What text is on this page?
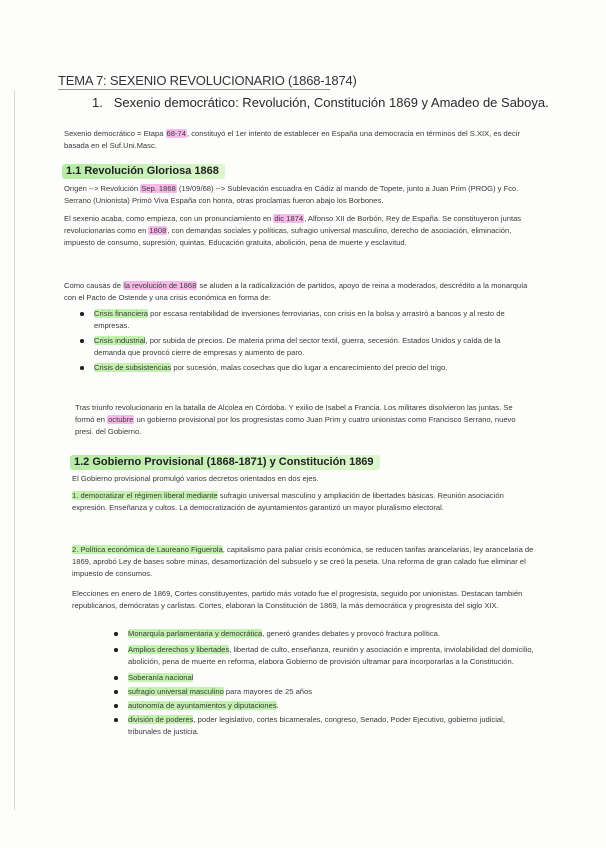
TEMA 7: SEXENIO REVOLUCIONARIO (1868-1874)
1. Sexenio democrático: Revolución, Constitución 1869 y Amadeo de Saboya.
Sexenio democrático = Etapa 68-74, constituyó el 1er intento de establecer en España una democracia en términos del S.XIX, es decir basada en el Suf.Uni.Masc.
1.1 Revolución Gloriosa 1868
Origen --> Revolución Sep. 1868 (19/09/68) --> Sublevación escuadra en Cádiz al mando de Topete, junto a Juan Prim (PROG) y Fco. Serrano (Unionista) Primó Viva España con honra, otras proclamas fueron abajo los Borbones.
El sexenio acaba, como empieza, con un pronunciamiento en dic 1874, Alfonso XII de Borbón, Rey de España. Se constituyeron juntas revolucionarias como en 1808, con demandas sociales y políticas, sufragio universal masculino, derecho de asociación, eliminación, impuesto de consumo, supresión, quintas. Educación gratuita, abolición, pena de muerte y esclavitud.
Como causas de la revolución de 1868 se aluden a la radicalización de partidos, apoyo de reina a moderados, descrédito a la monarquía con el Pacto de Ostende y una crisis económica en forma de:
Crisis financiera por escasa rentabilidad de inversiones ferroviarias, con crisis en la bolsa y arrastró a bancos y al resto de empresas.
Crisis industrial, por subida de precios. De materia prima del sector textil, guerra, secesión. Estados Unidos y caída de la demanda que provocó cierre de empresas y aumento de paro.
Crisis de subsistencias por sucesión, malas cosechas que dio lugar a encarecimiento del precio del trigo.
Tras triunfo revolucionario en la batalla de Alcolea en Córdoba. Y exilio de Isabel a Francia. Los militares disolvieron las juntas. Se formó en octubre un gobierno provisional por los progresistas como Juan Prim y cuatro unionistas como Francisco Serrano, nuevo presi. del Gobierno.
1.2 Gobierno Provisional (1868-1871) y Constitución 1869
El Gobierno provisional promulgó varios decretos orientados en dos ejes.
1. democratizar el régimen liberal mediante sufragio universal masculino y ampliación de libertades básicas. Reunión asociación expresión. Enseñanza y cultos. La democratización de ayuntamientos garantizó un mayor pluralismo electoral.
2. Política económica de Laureano Figuerola, capitalismo para paliar crisis económica, se reducen tarifas arancelarias, ley arancelaria de 1869, aprobó Ley de bases sobre minas, desamortización del subsuelo y se creó la peseta. Una reforma de gran calado fue eliminar el impuesto de consumos.
Elecciones en enero de 1869, Cortes constituyentes, partido más votado fue el progresista, seguido por unionistas. Destacan también republicanos, demócratas y carlistas. Cortes, elaboran la Constitución de 1869, la más democrática y progresista del siglo XIX.
Monarquía parlamentaria y democrática, generó grandes debates y provocó fractura política.
Amplios derechos y libertades, libertad de culto, enseñanza, reunión y asociación e imprenta, inviolabilidad del domicilio, abolición, pena de muerte en reforma, elabora Gobierno de provisión ultramar para incorporarlas a la Constitución.
Soberanía nacional
sufragio universal masculino para mayores de 25 años
autonomía de ayuntamientos y diputaciones.
división de poderes, poder legislativo, cortes bicamerales, congreso, Senado, Poder Ejecutivo, gobierno judicial, tribunales de justicia.
